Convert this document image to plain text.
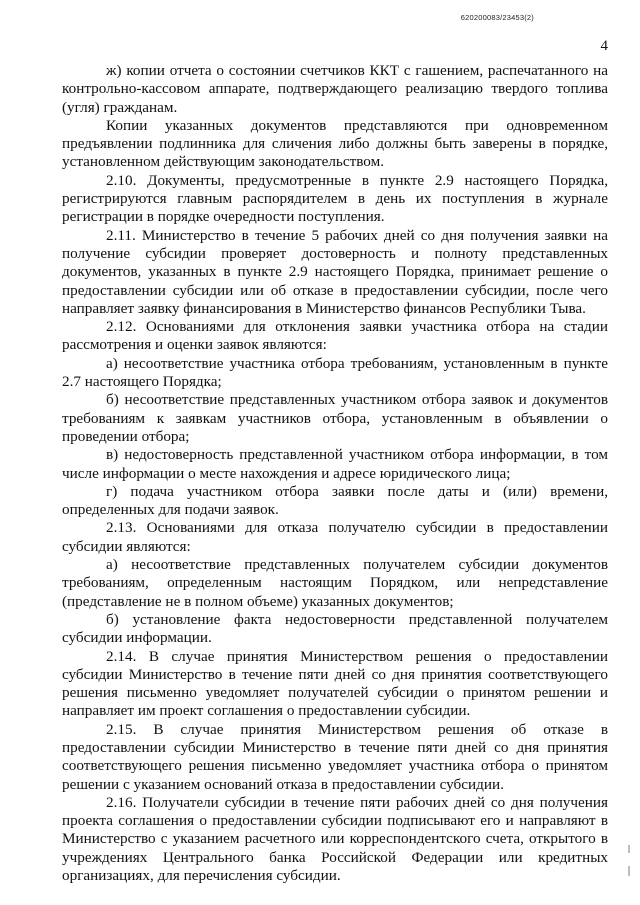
620200083/23453(2)
4

ж) копии отчета о состоянии счетчиков ККТ с гашением, распечатанного на контрольно-кассовом аппарате, подтверждающего реализацию твердого топлива (угля) гражданам.

Копии указанных документов представляются при одновременном предъявлении подлинника для сличения либо должны быть заверены в порядке, установленном действующим законодательством.

2.10. Документы, предусмотренные в пункте 2.9 настоящего Порядка, регистрируются главным распорядителем в день их поступления в журнале регистрации в порядке очередности поступления.

2.11. Министерство в течение 5 рабочих дней со дня получения заявки на получение субсидии проверяет достоверность и полноту представленных документов, указанных в пункте 2.9 настоящего Порядка, принимает решение о предоставлении субсидии или об отказе в предоставлении субсидии, после чего направляет заявку финансирования в Министерство финансов Республики Тыва.

2.12. Основаниями для отклонения заявки участника отбора на стадии рассмотрения и оценки заявок являются:

а) несоответствие участника отбора требованиям, установленным в пункте 2.7 настоящего Порядка;

б) несоответствие представленных участником отбора заявок и документов требованиям к заявкам участников отбора, установленным в объявлении о проведении отбора;

в) недостоверность представленной участником отбора информации, в том числе информации о месте нахождения и адресе юридического лица;

г) подача участником отбора заявки после даты и (или) времени, определенных для подачи заявок.

2.13. Основаниями для отказа получателю субсидии в предоставлении субсидии являются:

а) несоответствие представленных получателем субсидии документов требованиям, определенным настоящим Порядком, или непредставление (представление не в полном объеме) указанных документов;

б) установление факта недостоверности представленной получателем субсидии информации.

2.14. В случае принятия Министерством решения о предоставлении субсидии Министерство в течение пяти дней со дня принятия соответствующего решения письменно уведомляет получателей субсидии о принятом решении и направляет им проект соглашения о предоставлении субсидии.

2.15. В случае принятия Министерством решения об отказе в предоставлении субсидии Министерство в течение пяти дней со дня принятия соответствующего решения письменно уведомляет участника отбора о принятом решении с указанием оснований отказа в предоставлении субсидии.

2.16. Получатели субсидии в течение пяти рабочих дней со дня получения проекта соглашения о предоставлении субсидии подписывают его и направляют в Министерство с указанием расчетного или корреспондентского счета, открытого в учреждениях Центрального банка Российской Федерации или кредитных организациях, для перечисления субсидии.
